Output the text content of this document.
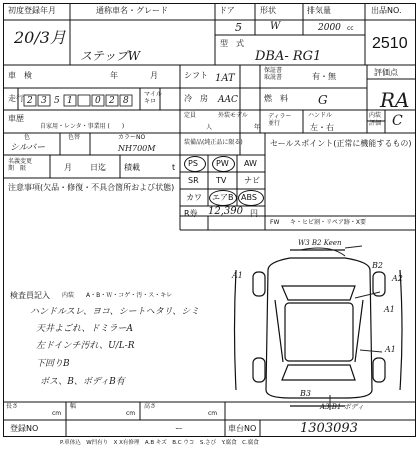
初度登録年月
20/3月
通称車名・グレード
ステップW
ドア
5
形状
W
排気量
2000 cc
型　式
DBA- RG1
出品NO.
2510
車　検	年	月	シフト 1AT
保証書
取説書	有・無	評価点
RA
走行 2 3 5 1 0 2 8
マイル
キロ	冷　房 AAC	燃　料	G
車歴
自家用・レンタ・事業用 (　　)
定員
人
外装モデル
年
ディラー
並行
ハンドル
左・右
内装
評価 C
色
シルバー
色替	カラーNO
NH700M
名義変更
期　限	月 日迄 積載	t
注意事項(欠品・修復・不具合箇所および状態)
装備品(純正品に限る)
PS PW AW
SR TV ナビ
カワ エアB ABS
R券 12,390 円
FW キ・ヒビ割・リペア跡・X要
セールスポイント(正常に機能するもの)
検査員記入 内装 A・B・Ｗ・コゲ・汚・ス・キレ
ハンドルスレ、ヨコ、シートヘタリ、シミ
天井よごれ、ドミラーA
左ドインチ汚れ、U/L-R
下回りB
ボス、B、ボディB有
W3 B2 Keen
A1
B2
A2
A1
A1
B3
A3 B1 ボディ
長さ
cm
幅
cm
高さ
cm
登録NO	ー	車台NO	1303093
P.車体込　W凹有り　X X有修理　A.B キズ　B.C ウコ　S.さび　Y.腐食　C.腐食
